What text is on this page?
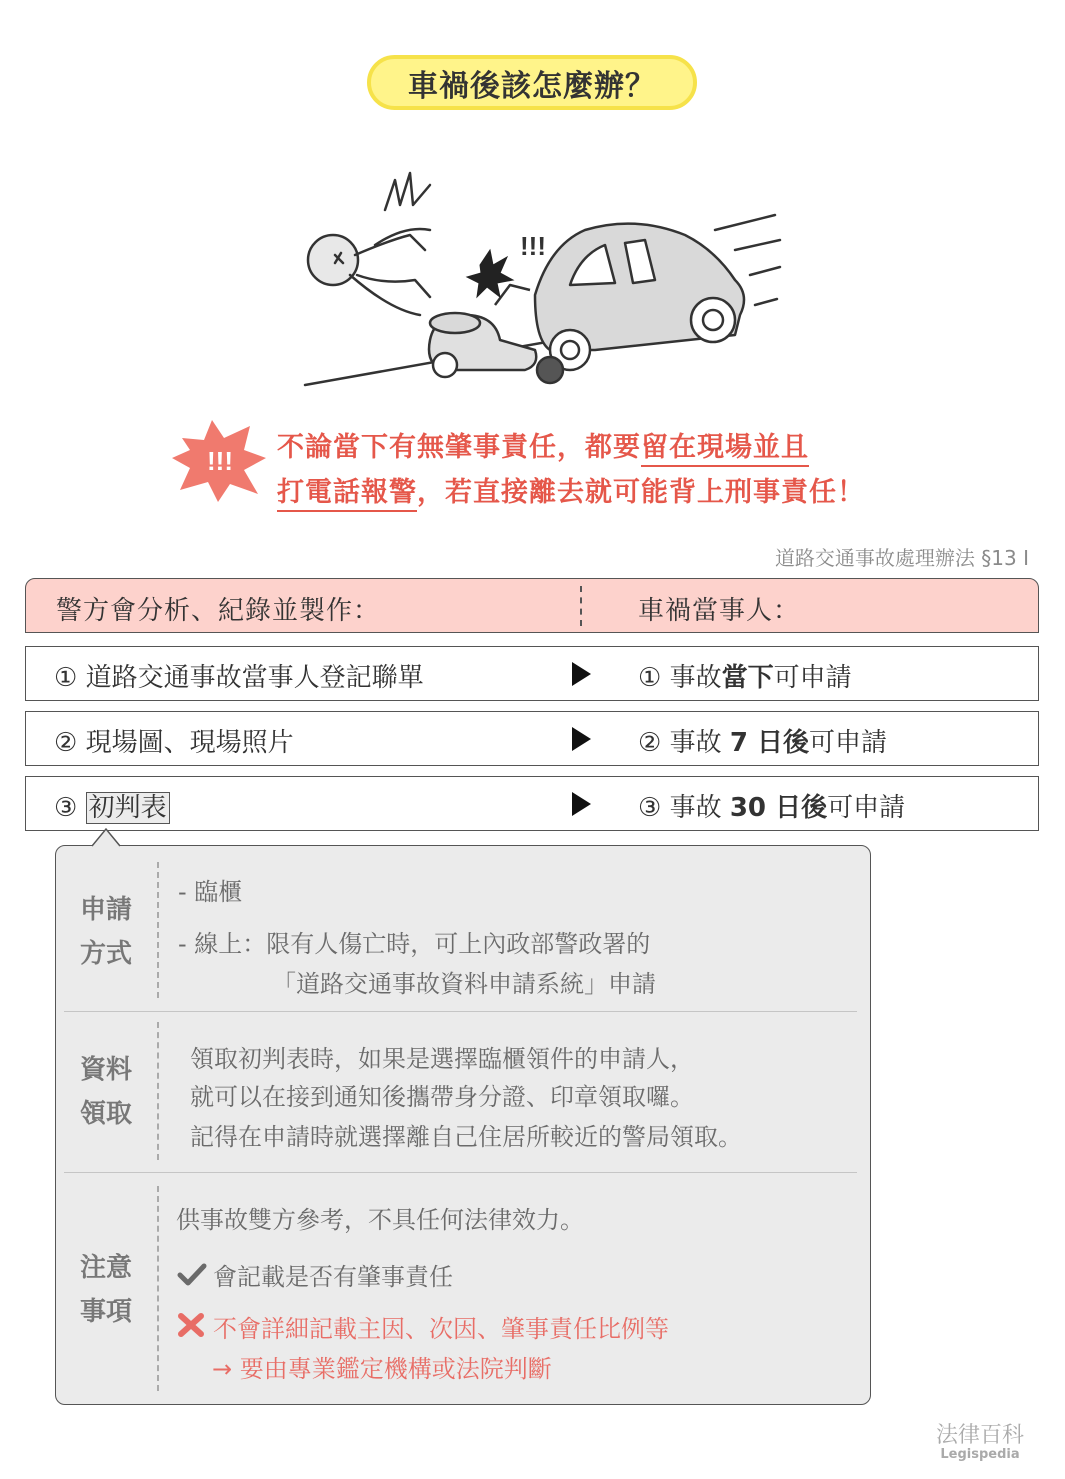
車禍後該怎麼辦？
!!!
!!! 不論當下有無肇事責任，都要留在現場並且
打電話報警，若直接離去就可能背上刑事責任！
道路交通事故處理辦法 §13 I
警方會分析、紀錄並製作：	車禍當事人：
① 道路交通事故當事人登記聯單	① 事故當下可申請
② 現場圖、現場照片	② 事故 7 日後可申請
③ 初判表	③ 事故 30 日後可申請
申請
方式
- 臨櫃
- 線上：限有人傷亡時，可上內政部警政署的
「道路交通事故資料申請系統」申請
資料
領取
領取初判表時，如果是選擇臨櫃領件的申請人，
就可以在接到通知後攜帶身分證、印章領取囉。
記得在申請時就選擇離自己住居所較近的警局領取。
注意
事項
供事故雙方參考，不具任何法律效力。
會記載是否有肇事責任
不會詳細記載主因、次因、肇事責任比例等
→ 要由專業鑑定機構或法院判斷
法律百科
Legispedia
